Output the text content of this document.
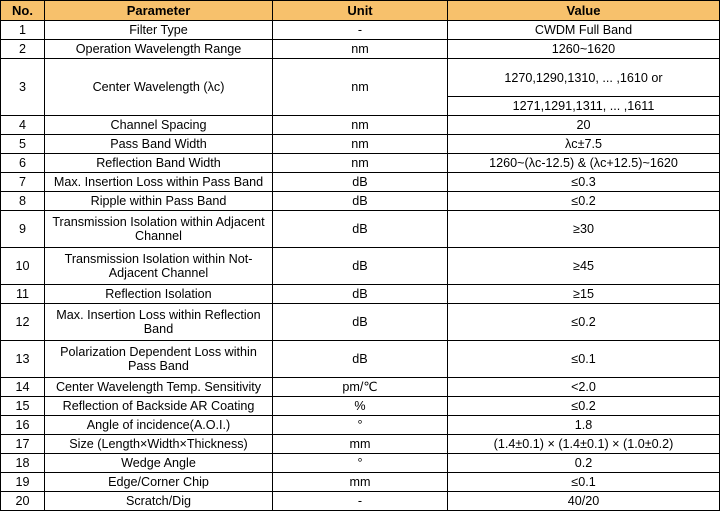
No.	Parameter	Unit	Value
1	Filter Type	-	CWDM Full Band
2	Operation Wavelength Range	nm	1260~1620
3	Center Wavelength (λc)	nm	1270,1290,1310, ... ,1610 or
			1271,1291,1311, ... ,1611
4	Channel Spacing	nm	20
5	Pass Band Width	nm	λc±7.5
6	Reflection Band Width	nm	1260~(λc-12.5) & (λc+12.5)~1620
7	Max. Insertion Loss within Pass Band	dB	≤0.3
8	Ripple within Pass Band	dB	≤0.2
9	Transmission Isolation within Adjacent Channel	dB	≥30
10	Transmission Isolation within Not-Adjacent Channel	dB	≥45
11	Reflection Isolation	dB	≥15
12	Max. Insertion Loss within Reflection Band	dB	≤0.2
13	Polarization Dependent Loss within Pass Band	dB	≤0.1
14	Center Wavelength Temp. Sensitivity	pm/℃	<2.0
15	Reflection of Backside AR Coating	%	≤0.2
16	Angle of incidence(A.O.I.)	°	1.8
17	Size (Length×Width×Thickness)	mm	(1.4±0.1) × (1.4±0.1) × (1.0±0.2)
18	Wedge Angle	°	0.2
19	Edge/Corner Chip	mm	≤0.1
20	Scratch/Dig	-	40/20
